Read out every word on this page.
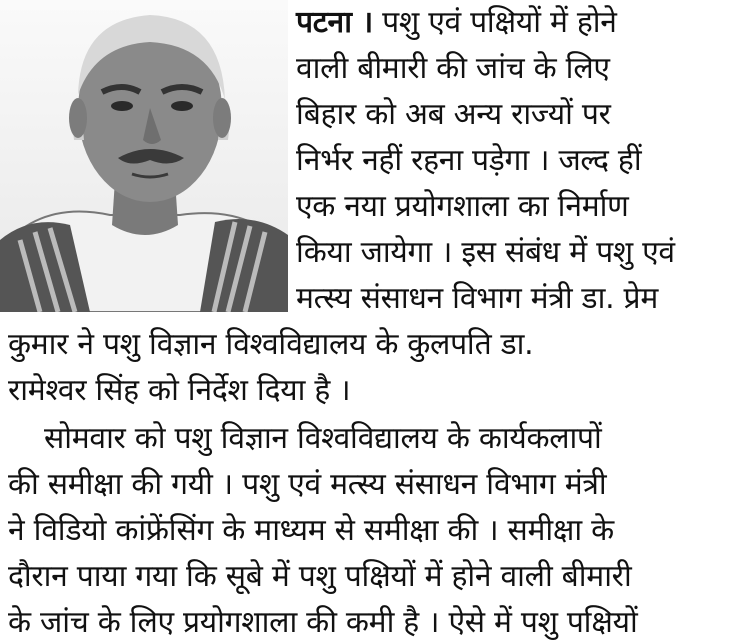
पटना । पशु एवं पक्षियों में होने
वाली बीमारी की जांच के लिए
बिहार को अब अन्य राज्यों पर
निर्भर नहीं रहना पड़ेगा । जल्द हीं
एक नया प्रयोगशाला का निर्माण
किया जायेगा । इस संबंध में पशु एवं
मत्स्य संसाधन विभाग मंत्री डा. प्रेम
कुमार ने पशु विज्ञान विश्वविद्यालय के कुलपति डा.
रामेश्वर सिंह को निर्देश दिया है ।
सोमवार को पशु विज्ञान विश्वविद्यालय के कार्यकलापों
की समीक्षा की गयी । पशु एवं मत्स्य संसाधन विभाग मंत्री
ने विडियो कांफ्रेंसिंग के माध्यम से समीक्षा की । समीक्षा के
दौरान पाया गया कि सूबे में पशु पक्षियों में होने वाली बीमारी
के जांच के लिए प्रयोगशाला की कमी है । ऐसे में पशु पक्षियों
